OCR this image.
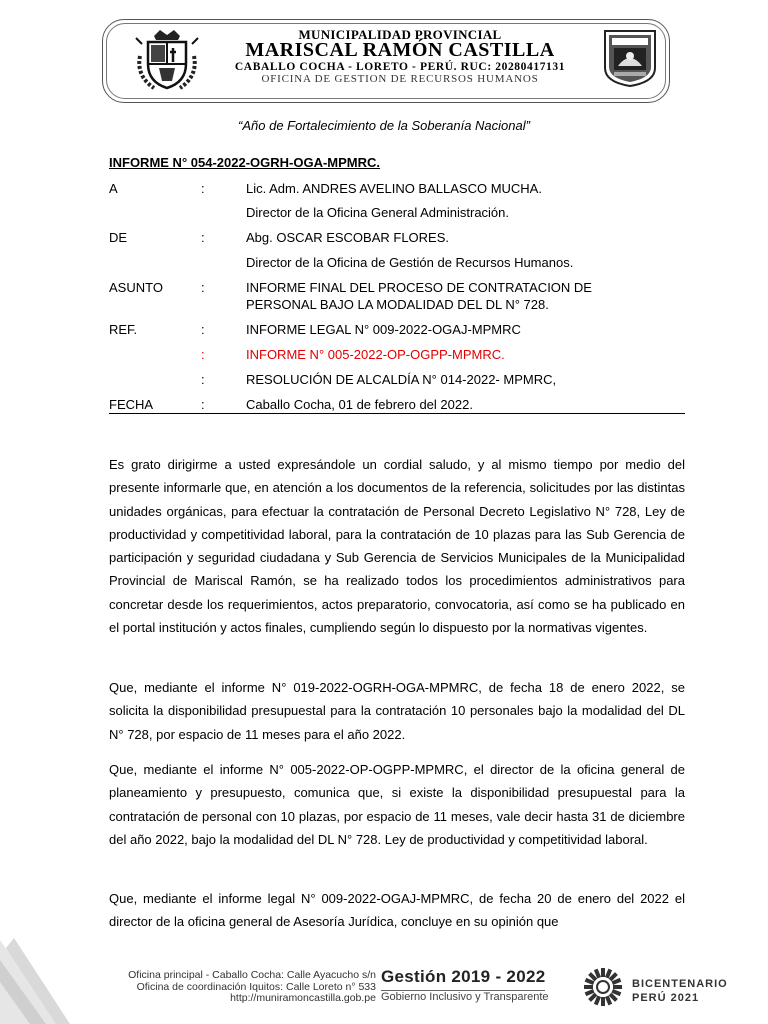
MUNICIPALIDAD PROVINCIAL
MARISCAL RAMÓN CASTILLA
CABALLO COCHA - LORETO - PERÚ. RUC: 20280417131
OFICINA DE GESTION DE RECURSOS HUMANOS
“Año de Fortalecimiento de la Soberanía Nacional”
INFORME N° 054-2022-OGRH-OGA-MPMRC.
A	:	Lic. Adm. ANDRES AVELINO BALLASCO MUCHA.
Director de la Oficina General Administración.
DE	:	Abg. OSCAR ESCOBAR FLORES.
Director de la Oficina de Gestión de Recursos Humanos.
ASUNTO	:	INFORME FINAL DEL PROCESO DE CONTRATACION DE
PERSONAL BAJO LA MODALIDAD DEL DL N° 728.
REF.	:	INFORME LEGAL N° 009-2022-OGAJ-MPMRC
:	INFORME N° 005-2022-OP-OGPP-MPMRC.
:	RESOLUCIÓN DE ALCALDÍA N° 014-2022- MPMRC,
FECHA	:	Caballo Cocha, 01 de febrero del 2022.

Es grato dirigirme a usted expresándole un cordial saludo, y al mismo tiempo por medio del presente informarle que, en atención a los documentos de la referencia, solicitudes por las distintas unidades orgánicas, para efectuar la contratación de Personal Decreto Legislativo N° 728, Ley de productividad y competitividad laboral, para la contratación de 10 plazas para las Sub Gerencia de participación y seguridad ciudadana y Sub Gerencia de Servicios Municipales de la Municipalidad Provincial de Mariscal Ramón, se ha realizado todos los procedimientos administrativos para concretar desde los requerimientos, actos preparatorio, convocatoria, así como se ha publicado en el portal institución y actos finales, cumpliendo según lo dispuesto por la normativas vigentes.

Que, mediante el informe N° 019-2022-OGRH-OGA-MPMRC, de fecha 18 de enero 2022, se solicita la disponibilidad presupuestal para la contratación 10 personales bajo la modalidad del DL N° 728, por espacio de 11 meses para el año 2022.

Que, mediante el informe N° 005-2022-OP-OGPP-MPMRC, el director de la oficina general de planeamiento y presupuesto, comunica que, si existe la disponibilidad presupuestal para la contratación de personal con 10 plazas, por espacio de 11 meses, vale decir hasta 31 de diciembre del año 2022, bajo la modalidad del DL N° 728. Ley de productividad y competitividad laboral.

Que, mediante el informe legal N° 009-2022-OGAJ-MPMRC, de fecha 20 de enero del 2022 el director de la oficina general de Asesoría Jurídica, concluye en su opinión que

Oficina principal - Caballo Cocha: Calle Ayacucho s/n
Oficina de coordinación Iquitos: Calle Loreto n° 533
http://muniramoncastilla.gob.pe
Gestión 2019 - 2022
Gobierno Inclusivo y Transparente
BICENTENARIO
PERÚ 2021
